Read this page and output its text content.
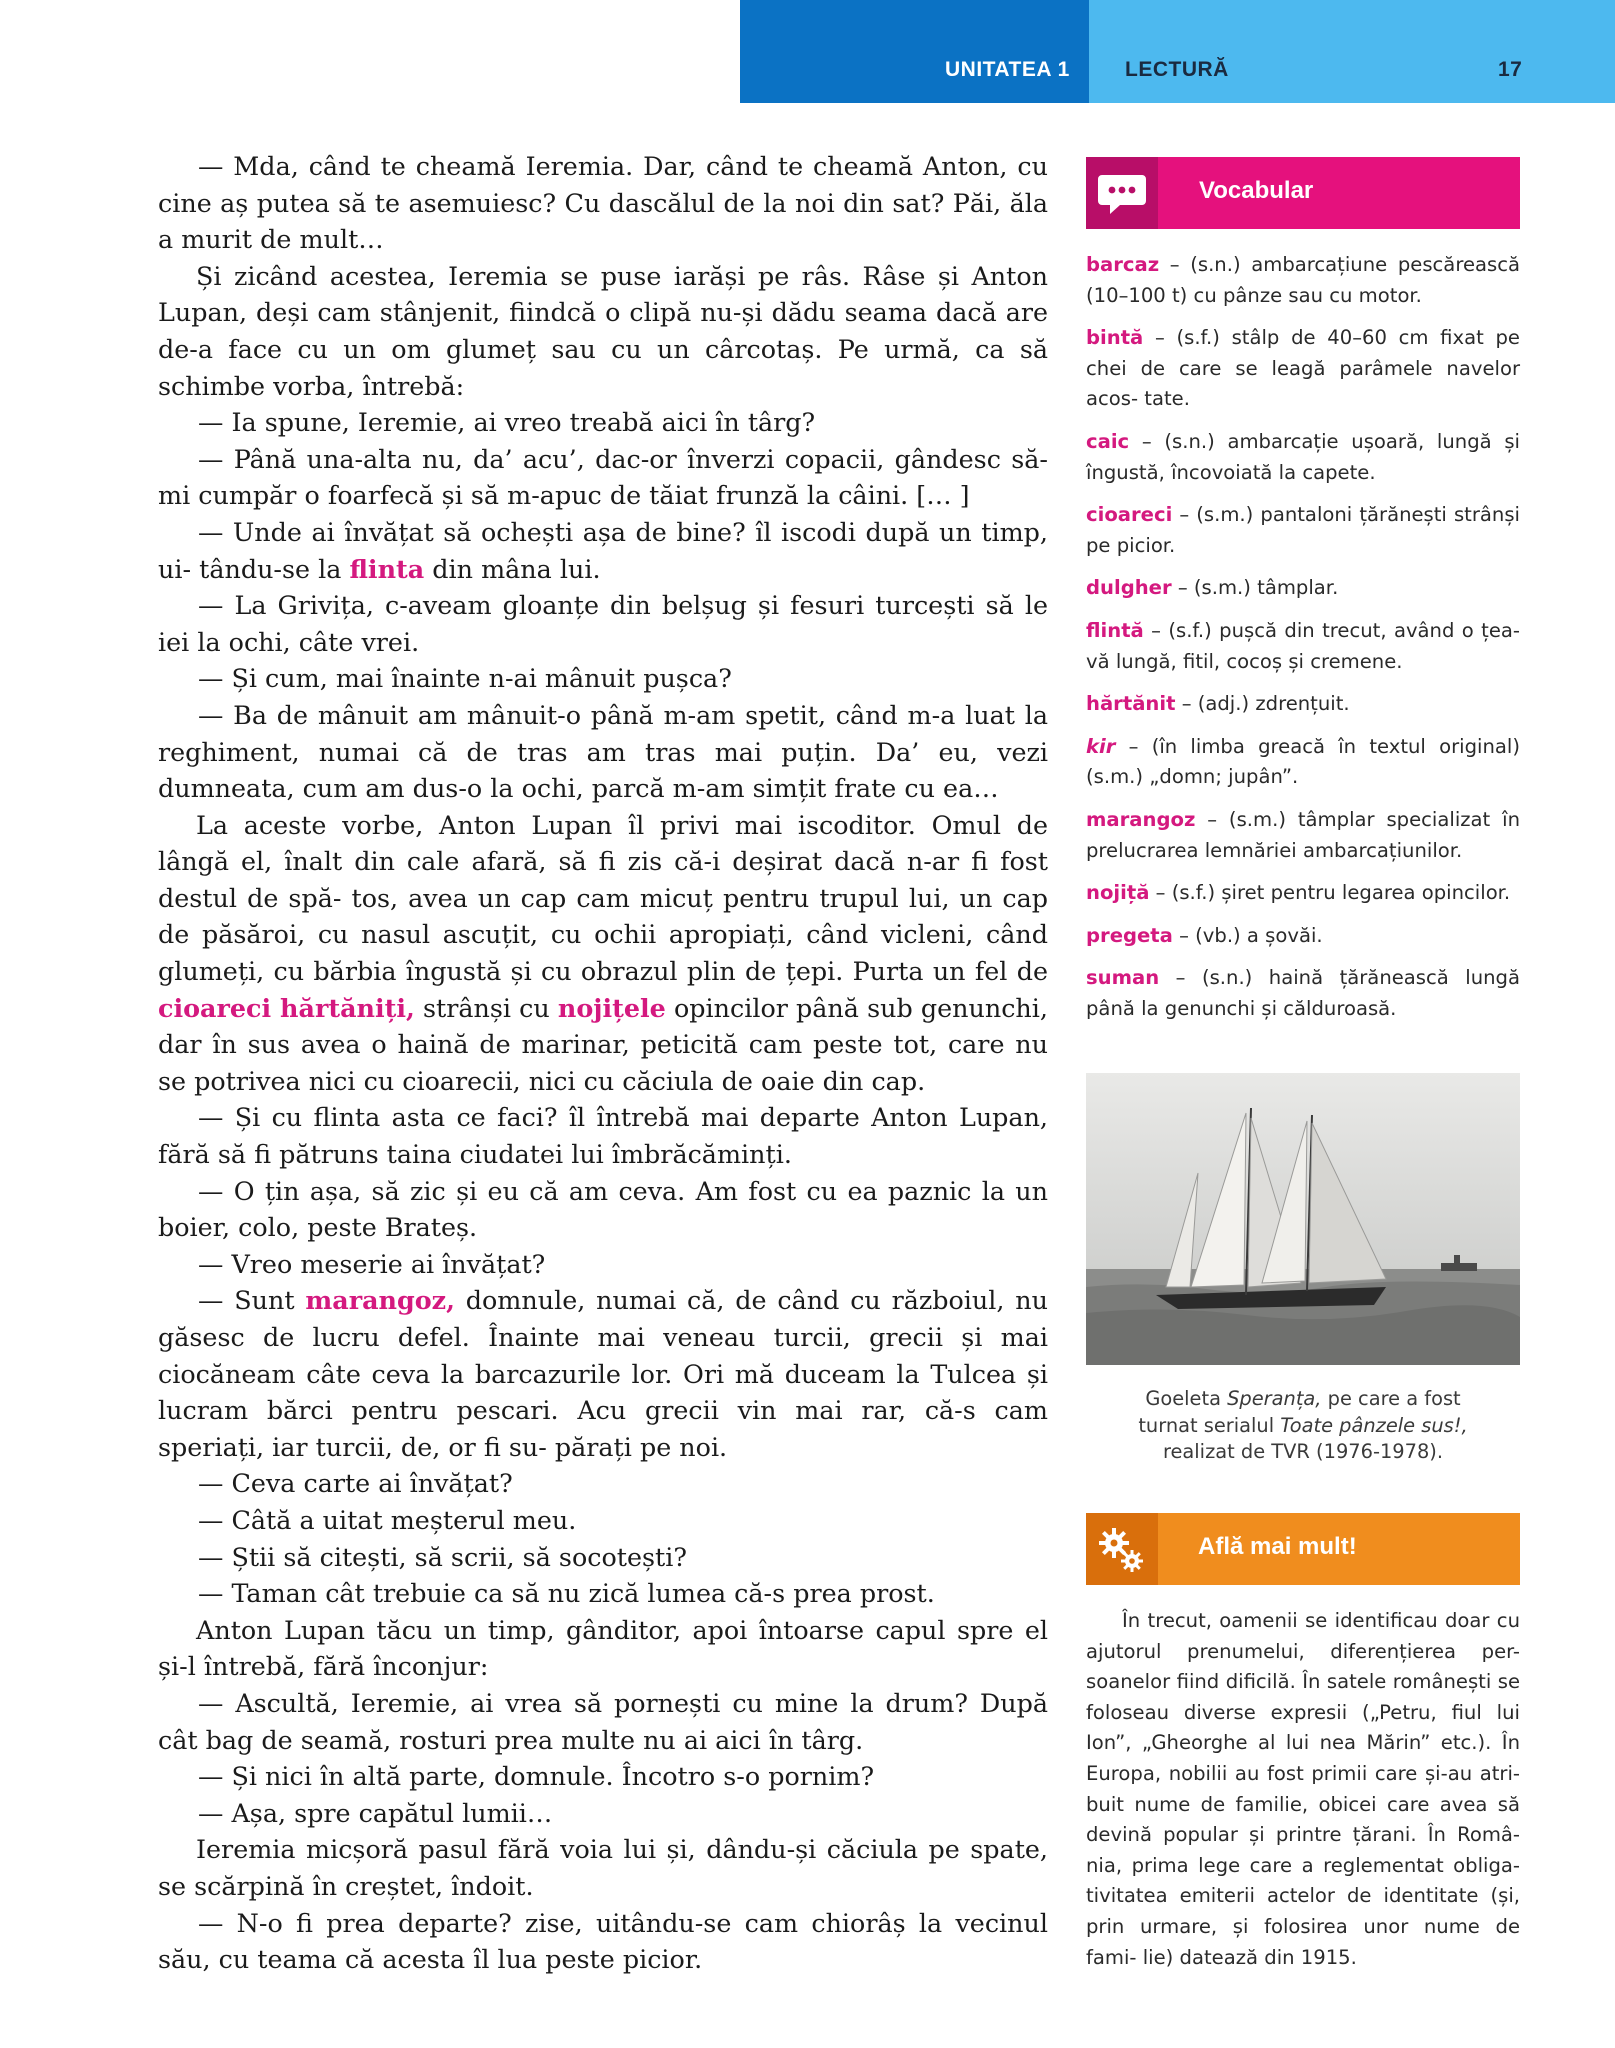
UNITATEA 1	LECTURĂ	17

— Mda, când te cheamă Ieremia. Dar, când te cheamă Anton, cu cine aș putea să te asemuiesc? Cu dascălul de la noi din sat? Păi, ăla a murit de mult…

Și zicând acestea, Ieremia se puse iarăși pe râs. Râse și Anton Lupan, deși cam stânjenit, fiindcă o clipă nu-și dădu seama dacă are de-a face cu un om glumeț sau cu un cârcotaș. Pe urmă, ca să schimbe vorba, întrebă:

— Ia spune, Ieremie, ai vreo treabă aici în târg?

— Până una-alta nu, da’ acu’, dac-or înverzi copacii, gândesc să-mi cumpăr o foarfecă și să m-apuc de tăiat frunză la câini. [… ]

— Unde ai învățat să ochești așa de bine? îl iscodi după un timp, ui- tându-se la flinta din mâna lui.

— La Grivița, c-aveam gloanțe din belșug și fesuri turcești să le iei la ochi, câte vrei.

— Și cum, mai înainte n-ai mânuit pușca?

— Ba de mânuit am mânuit-o până m-am spetit, când m-a luat la reghiment, numai că de tras am tras mai puțin. Da’ eu, vezi dumneata, cum am dus-o la ochi, parcă m-am simțit frate cu ea…

La aceste vorbe, Anton Lupan îl privi mai iscoditor. Omul de lângă el, înalt din cale afară, să fi zis că-i deșirat dacă n-ar fi fost destul de spă- tos, avea un cap cam micuț pentru trupul lui, un cap de păsăroi, cu nasul ascuțit, cu ochii apropiați, când vicleni, când glumeți, cu bărbia îngustă și cu obrazul plin de țepi. Purta un fel de cioareci hărtăniți, strânși cu nojițele opincilor până sub genunchi, dar în sus avea o haină de marinar, peticită cam peste tot, care nu se potrivea nici cu cioarecii, nici cu căciula de oaie din cap.

— Și cu flinta asta ce faci? îl întrebă mai departe Anton Lupan, fără să fi pătruns taina ciudatei lui îmbrăcăminți.

— O țin așa, să zic și eu că am ceva. Am fost cu ea paznic la un boier, colo, peste Brateș.

— Vreo meserie ai învățat?

— Sunt marangoz, domnule, numai că, de când cu războiul, nu găsesc de lucru defel. Înainte mai veneau turcii, grecii și mai ciocăneam câte ceva la barcazurile lor. Ori mă duceam la Tulcea și lucram bărci pentru pescari. Acu grecii vin mai rar, că-s cam speriați, iar turcii, de, or fi su- părați pe noi.

— Ceva carte ai învățat?

— Câtă a uitat meșterul meu.

— Știi să citești, să scrii, să socotești?

— Taman cât trebuie ca să nu zică lumea că-s prea prost.

Anton Lupan tăcu un timp, gânditor, apoi întoarse capul spre el și-l întrebă, fără înconjur:

— Ascultă, Ieremie, ai vrea să pornești cu mine la drum? După cât bag de seamă, rosturi prea multe nu ai aici în târg.

— Și nici în altă parte, domnule. Încotro s-o pornim?

— Așa, spre capătul lumii…

Ieremia micșoră pasul fără voia lui și, dându-și căciula pe spate, se scărpină în creștet, îndoit.

— N-o fi prea departe? zise, uitându-se cam chiorâș la vecinul său, cu teama că acesta îl lua peste picior.

Vocabular
barcaz – (s.n.) ambarcațiune pescărească (10–100 t) cu pânze sau cu motor.
bintă – (s.f.) stâlp de 40–60 cm fixat pe chei de care se leagă parâmele navelor acos- tate.
caic – (s.n.) ambarcație ușoară, lungă și îngustă, încovoiată la capete.
cioareci – (s.m.) pantaloni țărănești strânși pe picior.
dulgher – (s.m.) tâmplar.
flintă – (s.f.) pușcă din trecut, având o țea- vă lungă, fitil, cocoș și cremene.
hărtănit – (adj.) zdrențuit.
kir – (în limba greacă în textul original) (s.m.) „domn; jupân”.
marangoz – (s.m.) tâmplar specializat în prelucrarea lemnăriei ambarcațiunilor.
nojiță – (s.f.) șiret pentru legarea opincilor.
pregeta – (vb.) a șovăi.
suman – (s.n.) haină țărănească lungă până la genunchi și călduroasă.
Goeleta Speranța, pe care a fost
turnat serialul Toate pânzele sus!,
realizat de TVR (1976-1978).
Află mai mult!

În trecut, oamenii se identificau doar cu ajutorul prenumelui, diferențierea per- soanelor fiind dificilă. În satele românești se foloseau diverse expresii („Petru, fiul lui Ion”, „Gheorghe al lui nea Mărin” etc.). În Europa, nobilii au fost primii care și-au atri- buit nume de familie, obicei care avea să devină popular și printre țărani. În Româ- nia, prima lege care a reglementat obliga- tivitatea emiterii actelor de identitate (și, prin urmare, și folosirea unor nume de fami- lie) datează din 1915.
